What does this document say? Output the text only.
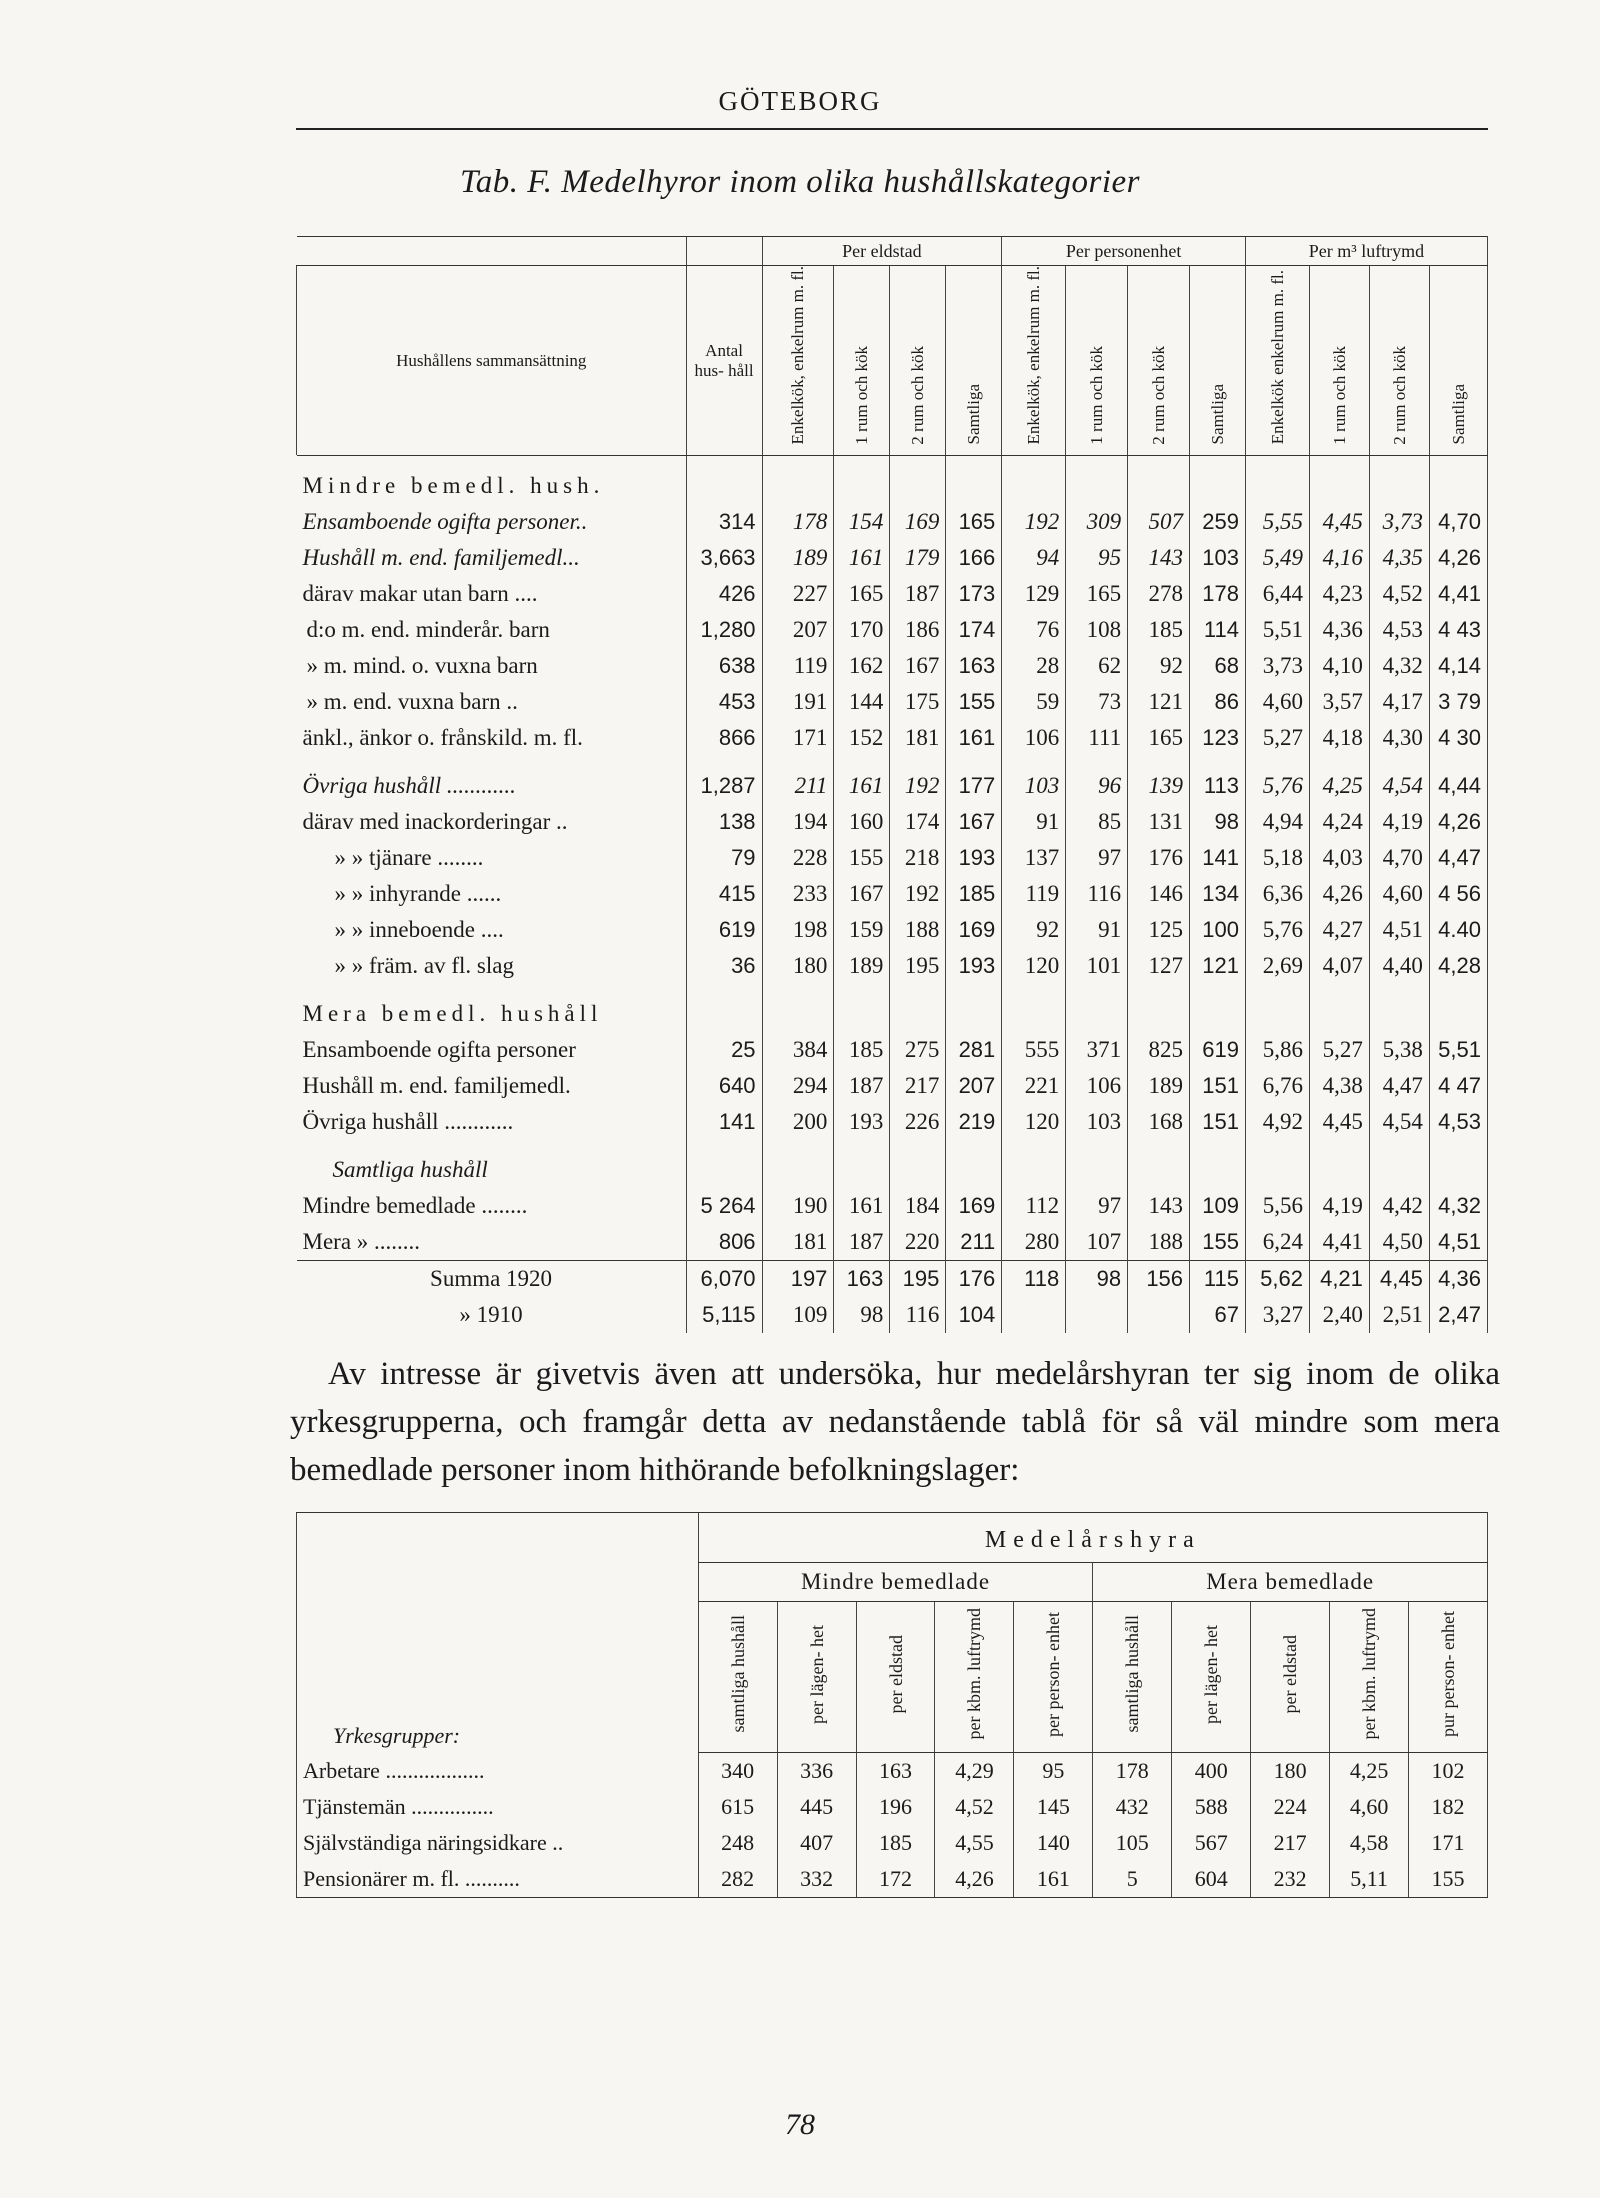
GÖTEBORG
Tab. F. Medelhyror inom olika hushållskategorier
		Per eldstad				Per personenhet				Per m³ luftrymd			
Hushållens sammansättning	Antal hus- håll	Enkelkök, enkelrum m. fl.	1 rum och kök	2 rum och kök	Samtliga	Enkelkök, enkelrum m. fl.	1 rum och kök	2 rum och kök	Samtliga	Enkelkök enkelrum m. fl.	1 rum och kök	2 rum och kök	Samtliga

Mindre bemedl. hush.													
Ensamboende ogifta personer..	314	178	154	169	165	192	309	507	259	5,55	4,45	3,73	4,70
Hushåll m. end. familjemedl...	3,663	189	161	179	166	94	95	143	103	5,49	4,16	4,35	4,26
därav makar utan barn ....	426	227	165	187	173	129	165	278	178	6,44	4,23	4,52	4,41
d:o m. end. minderår. barn	1,280	207	170	186	174	76	108	185	114	5,51	4,36	4,53	4 43
» m. mind. o. vuxna barn	638	119	162	167	163	28	62	92	68	3,73	4,10	4,32	4,14
» m. end. vuxna barn ..	453	191	144	175	155	59	73	121	86	4,60	3,57	4,17	3 79
änkl., änkor o. frånskild. m. fl.	866	171	152	181	161	106	111	165	123	5,27	4,18	4,30	4 30

Övriga hushåll ............	1,287	211	161	192	177	103	96	139	113	5,76	4,25	4,54	4,44
därav med inackorderingar ..	138	194	160	174	167	91	85	131	98	4,94	4,24	4,19	4,26
» » tjänare ........	79	228	155	218	193	137	97	176	141	5,18	4,03	4,70	4,47
» » inhyrande ......	415	233	167	192	185	119	116	146	134	6,36	4,26	4,60	4 56
» » inneboende ....	619	198	159	188	169	92	91	125	100	5,76	4,27	4,51	4.40
» » främ. av fl. slag	36	180	189	195	193	120	101	127	121	2,69	4,07	4,40	4,28

Mera bemedl. hushåll													
Ensamboende ogifta personer	25	384	185	275	281	555	371	825	619	5,86	5,27	5,38	5,51
Hushåll m. end. familjemedl.	640	294	187	217	207	221	106	189	151	6,76	4,38	4,47	4 47
Övriga hushåll ............	141	200	193	226	219	120	103	168	151	4,92	4,45	4,54	4,53

Samtliga hushåll													
Mindre bemedlade ........	5 264	190	161	184	169	112	97	143	109	5,56	4,19	4,42	4,32
Mera » ........	806	181	187	220	211	280	107	188	155	6,24	4,41	4,50	4,51
Summa 1920	6,070	197	163	195	176	118	98	156	115	5,62	4,21	4,45	4,36
» 1910	5,115	109	98	116	104				67	3,27	2,40	2,51	2,47

Av intresse är givetvis även att undersöka, hur medelårshyran ter sig inom de olika yrkesgrupperna, och framgår detta av nedanstående tablå för så väl mindre som mera bemedlade personer inom hithörande befolkningslager:

Yrkesgrupper:	Medelårshyra									
	Mindre bemedlade					Mera bemedlade				
	samtliga hushåll	per lägen- het	per eldstad	per kbm. luftrymd	per person- enhet	samtliga hushåll	per lägen- het	per eldstad	per kbm. luftrymd	pur person- enhet
Arbetare ..................	340	336	163	4,29	95	178	400	180	4,25	102
Tjänstemän ...............	615	445	196	4,52	145	432	588	224	4,60	182
Självständiga näringsidkare ..	248	407	185	4,55	140	105	567	217	4,58	171
Pensionärer m. fl. ..........	282	332	172	4,26	161	5	604	232	5,11	155
78
